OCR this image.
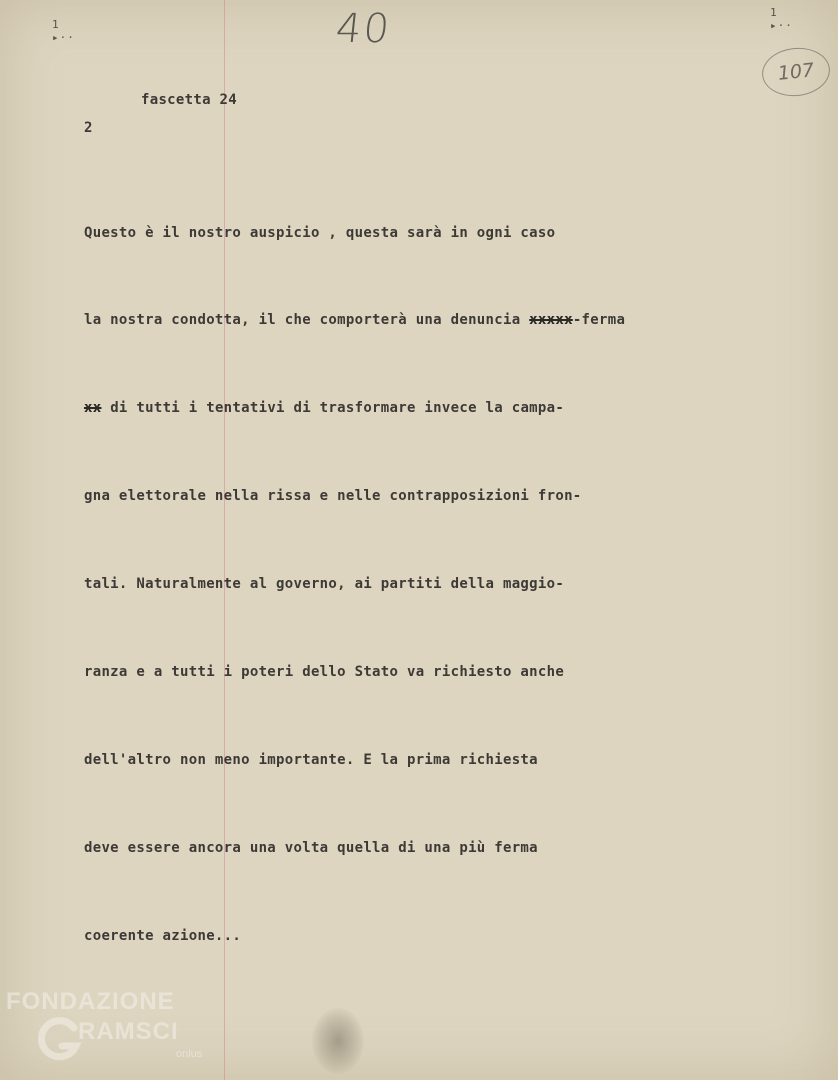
1
▸··
1
▸··
40
107
fascetta 24
2

Questo è il nostro auspicio , questa sarà in ogni caso

la nostra condotta, il che comporterà una denuncia xxxxx-ferma

xx di tutti i tentativi di trasformare invece la campa-

gna elettorale nella rissa e nelle contrapposizioni fron-

tali. Naturalmente al governo, ai partiti della maggio-

ranza e a tutti i poteri dello Stato va richiesto anche

dell'altro non meno importante. E la prima richiesta

deve essere ancora una volta quella di una più ferma

coerente azione...

FONDAZIONE
RAMSCI
onlus
